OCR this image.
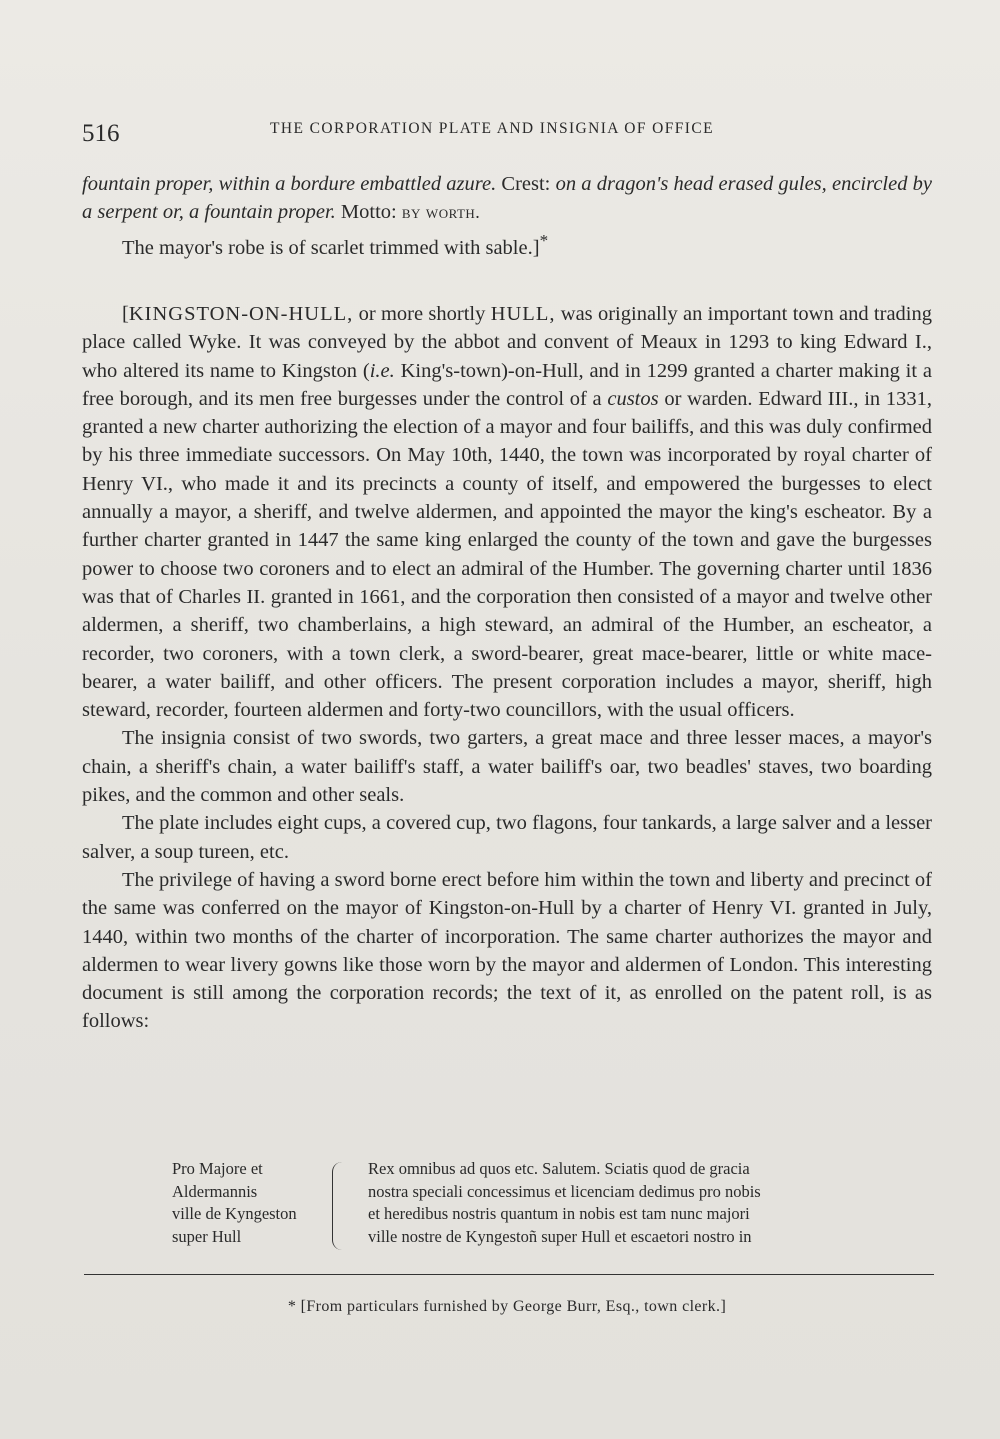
516	THE CORPORATION PLATE AND INSIGNIA OF OFFICE

fountain proper, within a bordure embattled azure. Crest: on a dragon's head erased gules, encircled by a serpent or, a fountain proper. Motto: by worth.

The mayor's robe is of scarlet trimmed with sable.]*

[KINGSTON-ON-HULL, or more shortly HULL, was originally an important town and trading place called Wyke. It was conveyed by the abbot and convent of Meaux in 1293 to king Edward I., who altered its name to Kingston (i.e. King's-town)-on-Hull, and in 1299 granted a charter making it a free borough, and its men free burgesses under the control of a custos or warden. Edward III., in 1331, granted a new charter authorizing the election of a mayor and four bailiffs, and this was duly confirmed by his three immediate successors. On May 10th, 1440, the town was incorporated by royal charter of Henry VI., who made it and its precincts a county of itself, and empowered the burgesses to elect annually a mayor, a sheriff, and twelve aldermen, and appointed the mayor the king's escheator. By a further charter granted in 1447 the same king enlarged the county of the town and gave the burgesses power to choose two coroners and to elect an admiral of the Humber. The governing charter until 1836 was that of Charles II. granted in 1661, and the corporation then consisted of a mayor and twelve other aldermen, a sheriff, two chamberlains, a high steward, an admiral of the Humber, an escheator, a recorder, two coroners, with a town clerk, a sword-bearer, great mace-bearer, little or white mace-bearer, a water bailiff, and other officers. The present corporation includes a mayor, sheriff, high steward, recorder, fourteen aldermen and forty-two councillors, with the usual officers.

The insignia consist of two swords, two garters, a great mace and three lesser maces, a mayor's chain, a sheriff's chain, a water bailiff's staff, a water bailiff's oar, two beadles' staves, two boarding pikes, and the common and other seals.

The plate includes eight cups, a covered cup, two flagons, four tankards, a large salver and a lesser salver, a soup tureen, etc.

The privilege of having a sword borne erect before him within the town and liberty and precinct of the same was conferred on the mayor of Kingston-on-Hull by a charter of Henry VI. granted in July, 1440, within two months of the charter of incorporation. The same charter authorizes the mayor and aldermen to wear livery gowns like those worn by the mayor and aldermen of London. This interesting document is still among the corporation records; the text of it, as enrolled on the patent roll, is as follows:

Pro Majore et
Aldermannis
ville de Kyngeston
super Hull
Rex omnibus ad quos etc. Salutem. Sciatis quod de gracia
nostra speciali concessimus et licenciam dedimus pro nobis
et heredibus nostris quantum in nobis est tam nunc majori
ville nostre de Kyngestoñ super Hull et escaetori nostro in
* [From particulars furnished by George Burr, Esq., town clerk.]
